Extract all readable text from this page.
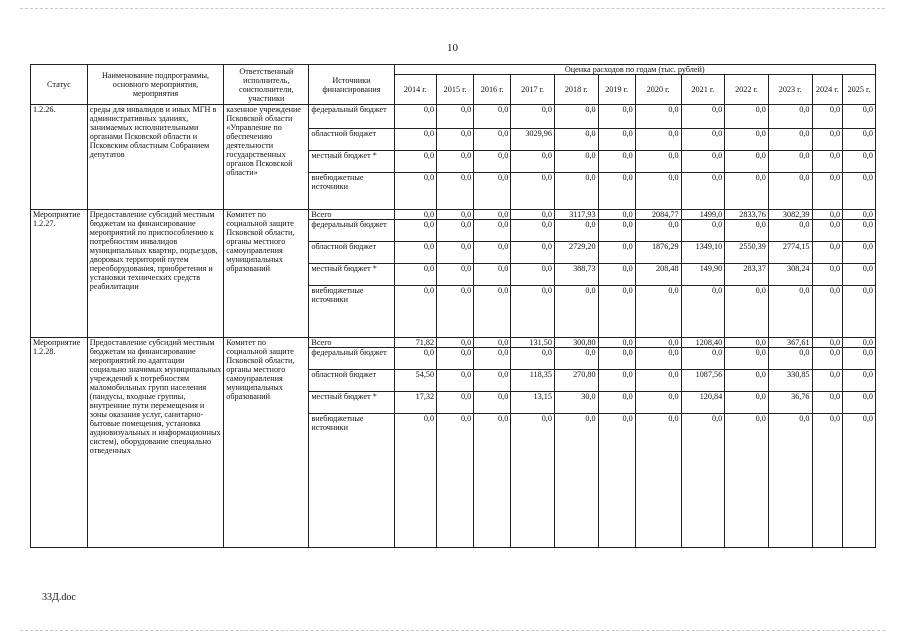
10
Статус	Наименование подпрограммы, основного мероприятия, мероприятия	Ответственный исполнитель, соисполнители, участники	Источники финансирования	Оценка расходов по годам (тыс. рублей)											
				2014 г.	2015 г.	2016 г.	2017 г.	2018 г.	2019 г.	2020 г.	2021 г.	2022 г.	2023 г.	2024 г.	2025 г.
1.2.26.	среды для инвалидов и иных МГН в административных зданиях, занимаемых исполнительными органами Псковской области и Псковским областным Собранием депутатов	казенное учреждение Псковской области «Управление по обеспечению деятельности государственных органов Псковской области»	федеральный бюджет	0,0	0,0	0,0	0,0	0,0	0,0	0,0	0,0	0,0	0,0	0,0	0,0
			областной бюджет	0,0	0,0	0,0	3029,96	0,0	0,0	0,0	0,0	0,0	0,0	0,0	0,0
			местный бюджет *	0,0	0,0	0,0	0,0	0,0	0,0	0,0	0,0	0,0	0,0	0,0	0,0
			внебюджетные источники	0,0	0,0	0,0	0,0	0,0	0,0	0,0	0,0	0,0	0,0	0,0	0,0
Мероприятие 1.2.27.	Предоставление субсидий местным бюджетам на финансирование мероприятий по приспособлению к потребностям инвалидов муниципальных квартир, подъездов, дворовых территорий путем переоборудования, приобретения и установки технических средств реабилитации	Комитет по социальной защите Псковской области, органы местного самоуправления муниципальных образований	Всего	0,0	0,0	0,0	0,0	3117,93	0,0	2084,77	1499,0	2833,76	3082,39	0,0	0,0
			федеральный бюджет	0,0	0,0	0,0	0,0	0,0	0,0	0,0	0,0	0,0	0,0	0,0	0,0
			областной бюджет	0,0	0,0	0,0	0,0	2729,20	0,0	1876,29	1349,10	2550,39	2774,15	0,0	0,0
			местный бюджет *	0,0	0,0	0,0	0,0	388,73	0,0	208,48	149,90	283,37	308,24	0,0	0,0
			внебюджетные источники	0,0	0,0	0,0	0,0	0,0	0,0	0,0	0,0	0,0	0,0	0,0	0,0
Мероприятие 1.2.28.	Предоставление субсидий местным бюджетам на финансирование мероприятий по адаптации социально значимых муниципальных учреждений к потребностям маломобильных групп населения (пандусы, входные группы, внутренние пути перемещения и зоны оказания услуг, санитарно-бытовые помещения, установка аудиовизуальных и информационных систем), оборудование специально отведенных	Комитет по социальной защите Псковской области, органы местного самоуправления муниципальных образований	Всего	71,82	0,0	0,0	131,50	300,80	0,0	0,0	1208,40	0,0	367,61	0,0	0,0
			федеральный бюджет	0,0	0,0	0,0	0,0	0,0	0,0	0,0	0,0	0,0	0,0	0,0	0,0
			областной бюджет	54,50	0,0	0,0	118,35	270,80	0,0	0,0	1087,56	0,0	330,85	0,0	0,0
			местный бюджет *	17,32	0,0	0,0	13,15	30,0	0,0	0,0	120,84	0,0	36,76	0,0	0,0
			внебюджетные источники	0,0	0,0	0,0	0,0	0,0	0,0	0,0	0,0	0,0	0,0	0,0	0,0
33Д.doc
